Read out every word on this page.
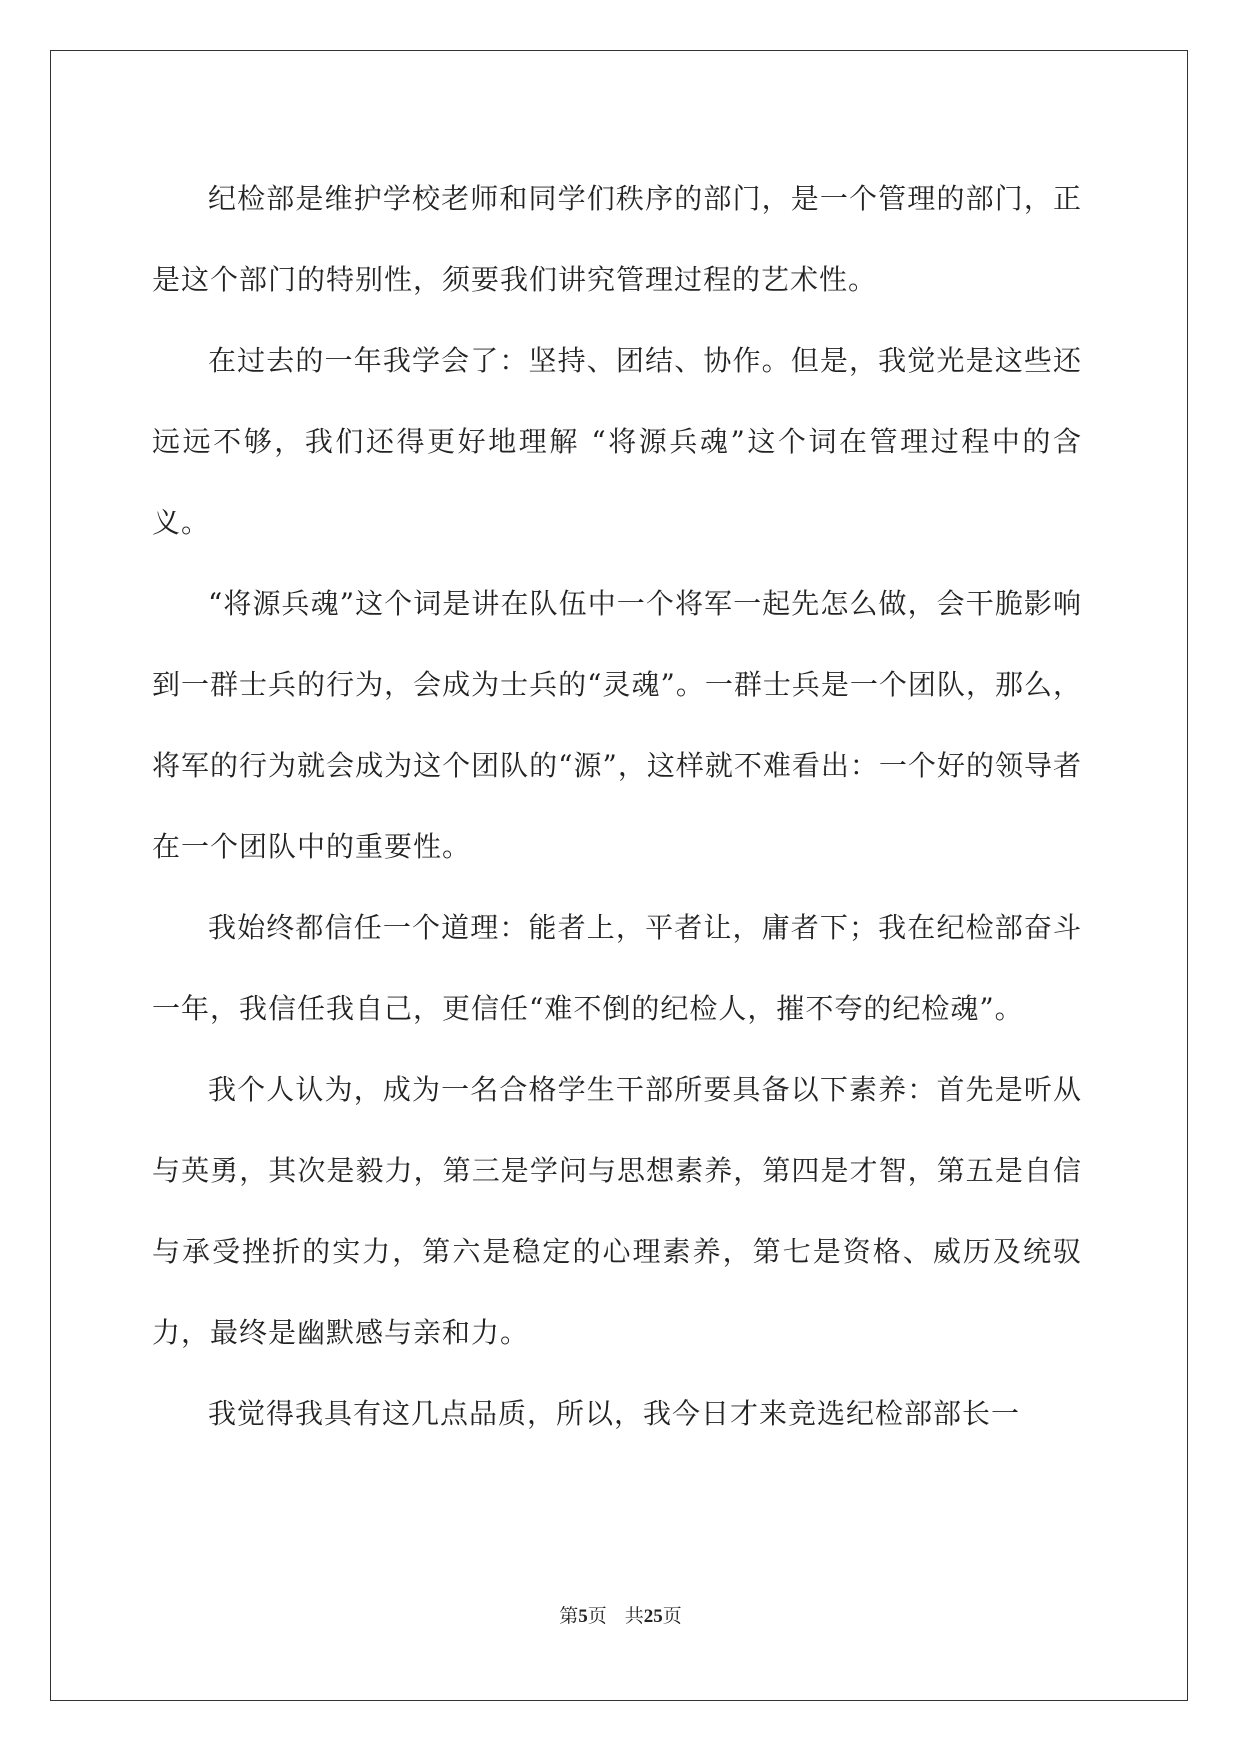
纪检部是维护学校老师和同学们秩序的部门，是一个管理的部门，正是这个部门的特别性，须要我们讲究管理过程的艺术性。

在过去的一年我学会了：坚持、团结、协作。但是，我觉光是这些还远远不够，我们还得更好地理解 “将源兵魂”这个词在管理过程中的含义。

“将源兵魂”这个词是讲在队伍中一个将军一起先怎么做，会干脆影响到一群士兵的行为，会成为士兵的“灵魂”。一群士兵是一个团队，那么，将军的行为就会成为这个团队的“源”，这样就不难看出：一个好的领导者在一个团队中的重要性。

我始终都信任一个道理：能者上，平者让，庸者下；我在纪检部奋斗一年，我信任我自己，更信任“难不倒的纪检人，摧不夸的纪检魂”。

我个人认为，成为一名合格学生干部所要具备以下素养：首先是听从与英勇，其次是毅力，第三是学问与思想素养，第四是才智，第五是自信与承受挫折的实力，第六是稳定的心理素养，第七是资格、威历及统驭力，最终是幽默感与亲和力。

我觉得我具有这几点品质，所以，我今日才来竞选纪检部部长一

第5页 共25页
